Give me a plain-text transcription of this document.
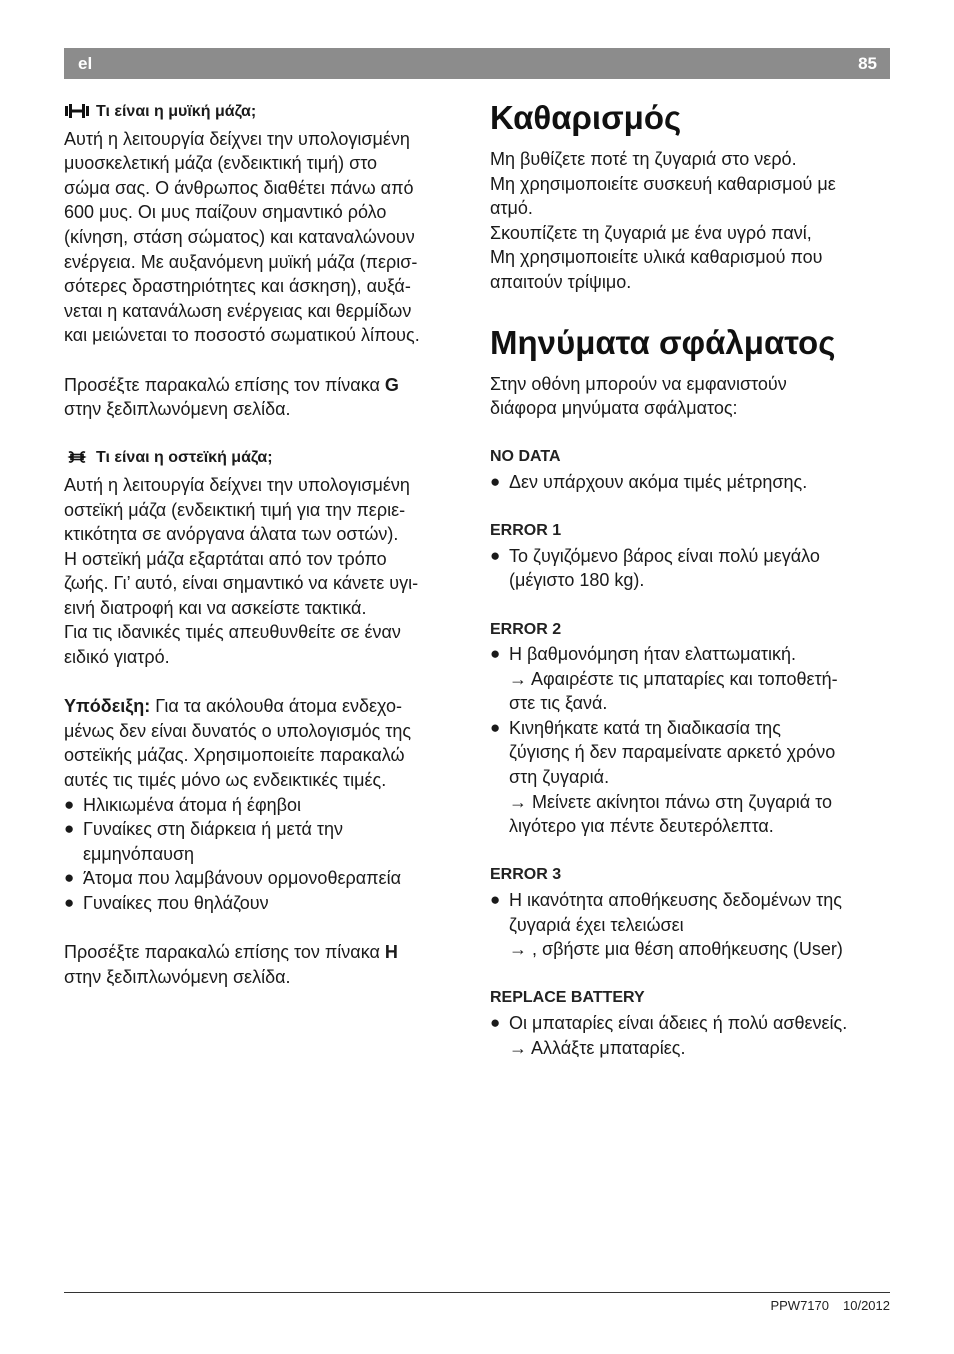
el	85
Τι είναι η μυϊκή μάζα;

Αυτή η λειτουργία δείχνει την υπολογισμένη

μυοσκελετική μάζα (ενδεικτική τιμή) στο

σώμα σας. Ο άνθρωπος διαθέτει πάνω από

600 μυς. Οι μυς παίζουν σημαντικό ρόλο

(κίνηση, στάση σώματος) και καταναλώνουν

ενέργεια. Με αυξανόμενη μυϊκή μάζα (περισ-

σότερες δραστηριότητες και άσκηση), αυξά-

νεται η κατανάλωση ενέργειας και θερμίδων

και μειώνεται το ποσοστό σωματικού λίπους.

Προσέξτε παρακαλώ επίσης τον πίνακα G

στην ξεδιπλωνόμενη σελίδα.

Τι είναι η οστεϊκή μάζα;

Αυτή η λειτουργία δείχνει την υπολογισμένη

οστεϊκή μάζα (ενδεικτική τιμή για την περιε-

κτικότητα σε ανόργανα άλατα των οστών).

Η οστεϊκή μάζα εξαρτάται από τον τρόπο

ζωής. Γι’ αυτό, είναι σημαντικό να κάνετε υγι-

εινή διατροφή και να ασκείστε τακτικά.

Για τις ιδανικές τιμές απευθυνθείτε σε έναν

ειδικό γιατρό.

Υπόδειξη: Για τα ακόλουθα άτομα ενδεχο-

μένως δεν είναι δυνατός ο υπολογισμός της

οστεϊκής μάζας. Χρησιμοποιείτε παρακαλώ

αυτές τις τιμές μόνο ως ενδεικτικές τιμές.

● Ηλικιωμένα άτομα ή έφηβοι
● Γυναίκες στη διάρκεια ή μετά την
εμμηνόπαυση
● Άτομα που λαμβάνουν ορμονοθεραπεία
● Γυναίκες που θηλάζουν

Προσέξτε παρακαλώ επίσης τον πίνακα H

στην ξεδιπλωνόμενη σελίδα.

Καθαρισμός

Μη βυθίζετε ποτέ τη ζυγαριά στο νερό.

Μη χρησιμοποιείτε συσκευή καθαρισμού με

ατμό.

Σκουπίζετε τη ζυγαριά με ένα υγρό πανί,

Μη χρησιμοποιείτε υλικά καθαρισμού που

απαιτούν τρίψιμο.

Μηνύματα σφάλματος

Στην οθόνη μπορούν να εμφανιστούν

διάφορα μηνύματα σφάλματος:

NO DATA

● Δεν υπάρχουν ακόμα τιμές μέτρησης.

ERROR 1

● Το ζυγιζόμενο βάρος είναι πολύ μεγάλο
(μέγιστο 180 kg).

ERROR 2

● Η βαθμονόμηση ήταν ελαττωματική.
→ Αφαιρέστε τις μπαταρίες και τοποθετή-
στε τις ξανά.
● Κινηθήκατε κατά τη διαδικασία της
ζύγισης ή δεν παραμείνατε αρκετό χρόνο
στη ζυγαριά.
→ Μείνετε ακίνητοι πάνω στη ζυγαριά το
λιγότερο για πέντε δευτερόλεπτα.

ERROR 3

● Η ικανότητα αποθήκευσης δεδομένων της
ζυγαριά έχει τελειώσει
→ , σβήστε μια θέση αποθήκευσης (User)

REPLACE BATTERY

● Οι μπαταρίες είναι άδειες ή πολύ ασθενείς.
→ Αλλάξτε μπαταρίες.
PPW7170 10/2012
